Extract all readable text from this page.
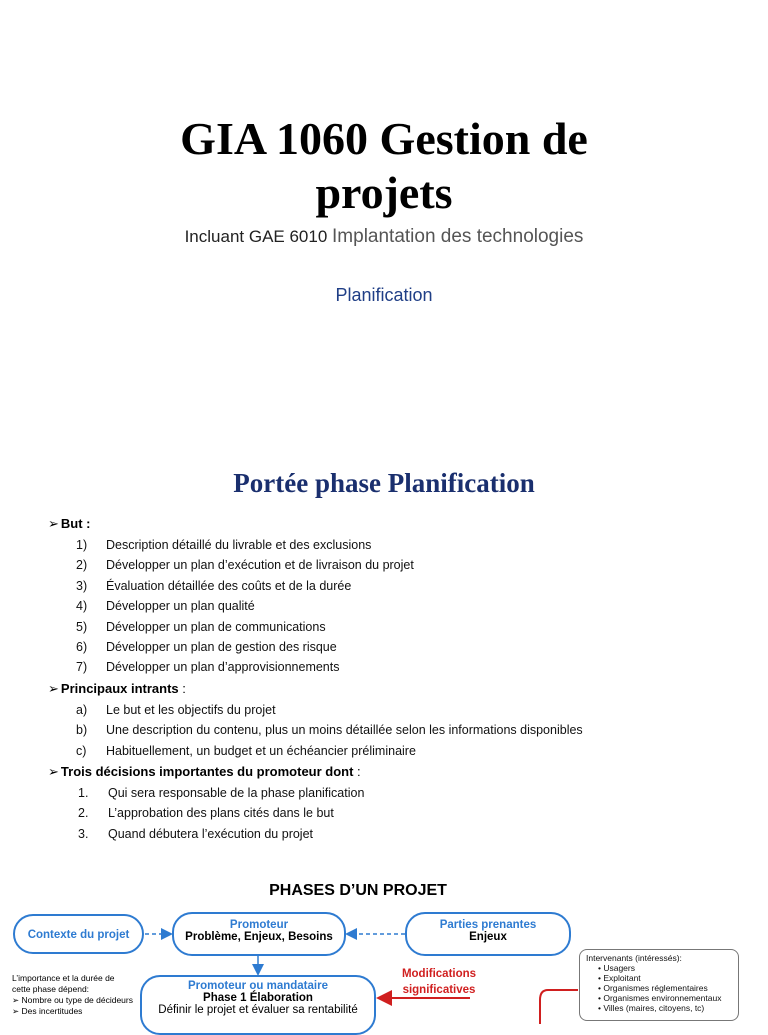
GIA 1060 Gestion de
projets
Incluant GAE 6010 Implantation des technologies
Planification
Portée phase Planification
➢ But :
1) Description détaillé du livrable et des exclusions
2) Développer un plan d’exécution et de livraison du projet
3) Évaluation détaillée des coûts et de la durée
4) Développer un plan qualité
5) Développer un plan de communications
6) Développer un plan de gestion des risque
7) Développer un plan d’approvisionnements
➢ Principaux intrants :
a) Le but et les objectifs du projet
b) Une description du contenu, plus un moins détaillée selon les informations disponibles
c) Habituellement, un budget et un échéancier préliminaire
➢ Trois décisions importantes du promoteur dont :
1. Qui sera responsable de la phase planification
2. L’approbation des plans cités dans le but
3. Quand débutera l’exécution du projet
PHASES D’UN PROJET
Contexte du projet
Promoteur
Problème, Enjeux, Besoins
Parties prenantes
Enjeux
Promoteur ou mandataire
Phase 1 Élaboration
Définir le projet et évaluer sa rentabilité
Modifications
significatives
L’importance et la durée de
cette phase dépend:
➢ Nombre ou type de décideurs
➢ Des incertitudes
Intervenants (intéressés):
• Usagers
• Exploitant
• Organismes réglementaires
• Organismes environnementaux
• Villes (maires, citoyens, tc)
